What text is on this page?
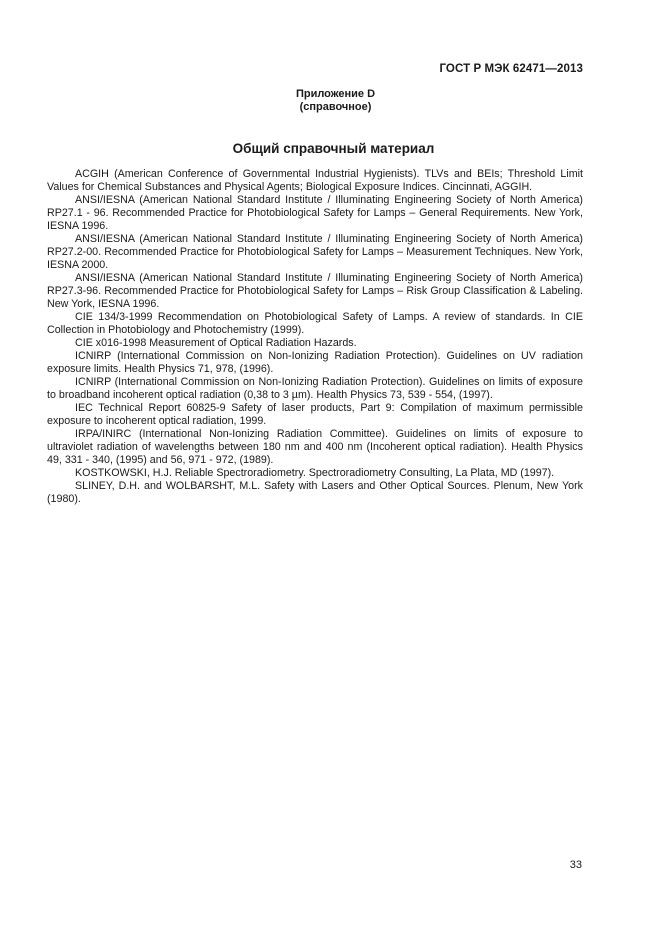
ГОСТ Р МЭК 62471—2013
Приложение D
(справочное)
Общий справочный материал
ACGIH (American Conference of Governmental Industrial Hygienists). TLVs and BEIs; Threshold Limit Values for Chemical Substances and Physical Agents; Biological Exposure Indices. Cincinnati, AGGIH.
ANSI/IESNA (American National Standard Institute / Illuminating Engineering Society of North America) RP27.1 - 96. Recommended Practice for Photobiological Safety for Lamps – General Requirements. New York, IESNA 1996.
ANSI/IESNA (American National Standard Institute / Illuminating Engineering Society of North America) RP27.2-00. Recommended Practice for Photobiological Safety for Lamps – Measurement Techniques. New York, IESNA 2000.
ANSI/IESNA (American National Standard Institute / Illuminating Engineering Society of North America) RP27.3-96. Recommended Practice for Photobiological Safety for Lamps – Risk Group Classification & Labeling. New York, IESNA 1996.
CIE 134/3-1999 Recommendation on Photobiological Safety of Lamps. A review of standards. In CIE Collection in Photobiology and Photochemistry (1999).
CIE x016-1998 Measurement of Optical Radiation Hazards.
ICNIRP (International Commission on Non-Ionizing Radiation Protection). Guidelines on UV radiation exposure limits. Health Physics 71, 978, (1996).
ICNIRP (International Commission on Non-Ionizing Radiation Protection). Guidelines on limits of exposure to broadband incoherent optical radiation (0,38 to 3 µm). Health Physics 73, 539 - 554, (1997).
IEC Technical Report 60825-9 Safety of laser products, Part 9: Compilation of maximum permissible exposure to incoherent optical radiation, 1999.
IRPA/INIRC (International Non-Ionizing Radiation Committee). Guidelines on limits of exposure to ultraviolet radiation of wavelengths between 180 nm and 400 nm (Incoherent optical radiation). Health Physics 49, 331 - 340, (1995) and 56, 971 - 972, (1989).
KOSTKOWSKI, H.J. Reliable Spectroradiometry. Spectroradiometry Consulting, La Plata, MD (1997).
SLINEY, D.H. and WOLBARSHT, M.L. Safety with Lasers and Other Optical Sources. Plenum, New York (1980).
33
